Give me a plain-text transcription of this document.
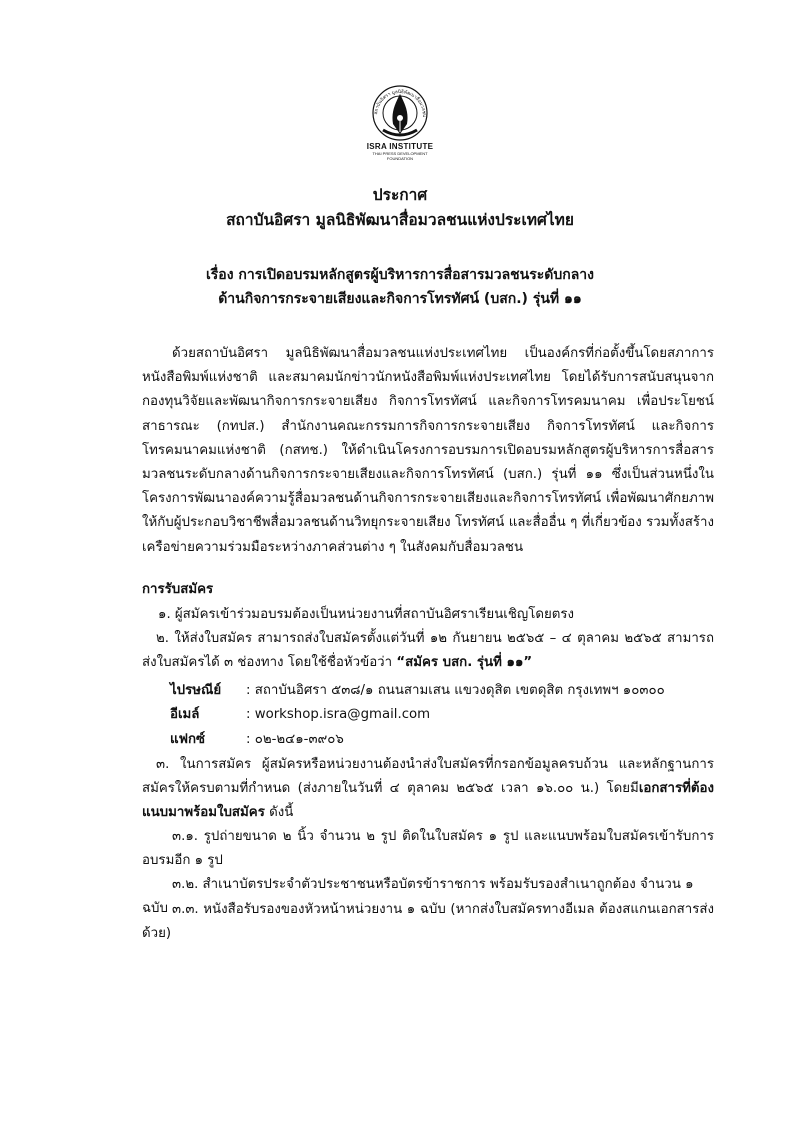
สถาบันอิศรา มูลนิธิพัฒนาสื่อมวลชน
ISRA INSTITUTE
THAI PRESS DEVELOPMENT
FOUNDATION
ประกาศ
สถาบันอิศรา มูลนิธิพัฒนาสื่อมวลชนแห่งประเทศไทย
เรื่อง การเปิดอบรมหลักสูตรผู้บริหารการสื่อสารมวลชนระดับกลาง
ด้านกิจการกระจายเสียงและกิจการโทรทัศน์ (บสก.) รุ่นที่ ๑๑
ด้วยสถาบันอิศรา มูลนิธิพัฒนาสื่อมวลชนแห่งประเทศไทย เป็นองค์กรที่ก่อตั้งขึ้นโดยสภาการหนังสือพิมพ์แห่งชาติ และสมาคมนักข่าวนักหนังสือพิมพ์แห่งประเทศไทย โดยได้รับการสนับสนุนจากกองทุนวิจัยและพัฒนากิจการกระจายเสียง กิจการโทรทัศน์ และกิจการโทรคมนาคม เพื่อประโยชน์สาธารณะ (กทปส.) สำนักงานคณะกรรมการกิจการกระจายเสียง กิจการโทรทัศน์ และกิจการโทรคมนาคมแห่งชาติ (กสทช.) ให้ดำเนินโครงการอบรมการเปิดอบรมหลักสูตรผู้บริหารการสื่อสารมวลชนระดับกลางด้านกิจการกระจายเสียงและกิจการโทรทัศน์ (บสก.) รุ่นที่ ๑๑ ซึ่งเป็นส่วนหนึ่งในโครงการพัฒนาองค์ความรู้สื่อมวลชนด้านกิจการกระจายเสียงและกิจการโทรทัศน์ เพื่อพัฒนาศักยภาพให้กับผู้ประกอบวิชาชีพสื่อมวลชนด้านวิทยุกระจายเสียง โทรทัศน์ และสื่ออื่น ๆ ที่เกี่ยวข้อง รวมทั้งสร้างเครือข่ายความร่วมมือระหว่างภาคส่วนต่าง ๆ ในสังคมกับสื่อมวลชน
การรับสมัคร
๑. ผู้สมัครเข้าร่วมอบรมต้องเป็นหน่วยงานที่สถาบันอิศราเรียนเชิญโดยตรง
๒. ให้ส่งใบสมัคร สามารถส่งใบสมัครตั้งแต่วันที่ ๑๒ กันยายน ๒๕๖๕ – ๔ ตุลาคม ๒๕๖๕ สามารถส่งใบสมัครได้ ๓ ช่องทาง โดยใช้ชื่อหัวข้อว่า “สมัคร บสก. รุ่นที่ ๑๑”
ไปรษณีย์ : สถาบันอิศรา ๕๓๘/๑ ถนนสามเสน แขวงดุสิต เขตดุสิต กรุงเทพฯ ๑๐๓๐๐
อีเมล์	: workshop.isra@gmail.com
แฟกซ์	: ๐๒-๒๔๑-๓๙๐๖
๓. ในการสมัคร ผู้สมัครหรือหน่วยงานต้องนำส่งใบสมัครที่กรอกข้อมูลครบถ้วน และหลักฐานการสมัครให้ครบตามที่กำหนด (ส่งภายในวันที่ ๔ ตุลาคม ๒๕๖๕ เวลา ๑๖.๐๐ น.) โดยมีเอกสารที่ต้องแนบมาพร้อมใบสมัคร ดังนี้
๓.๑. รูปถ่ายขนาด ๒ นิ้ว จำนวน ๒ รูป ติดในใบสมัคร ๑ รูป และแนบพร้อมใบสมัครเข้ารับการอบรมอีก ๑ รูป
๓.๒. สำเนาบัตรประจำตัวประชาชนหรือบัตรข้าราชการ พร้อมรับรองสำเนาถูกต้อง จำนวน ๑ ฉบับ ๓.๓. หนังสือรับรองของหัวหน้าหน่วยงาน ๑ ฉบับ (หากส่งใบสมัครทางอีเมล ต้องสแกนเอกสารส่งด้วย)
